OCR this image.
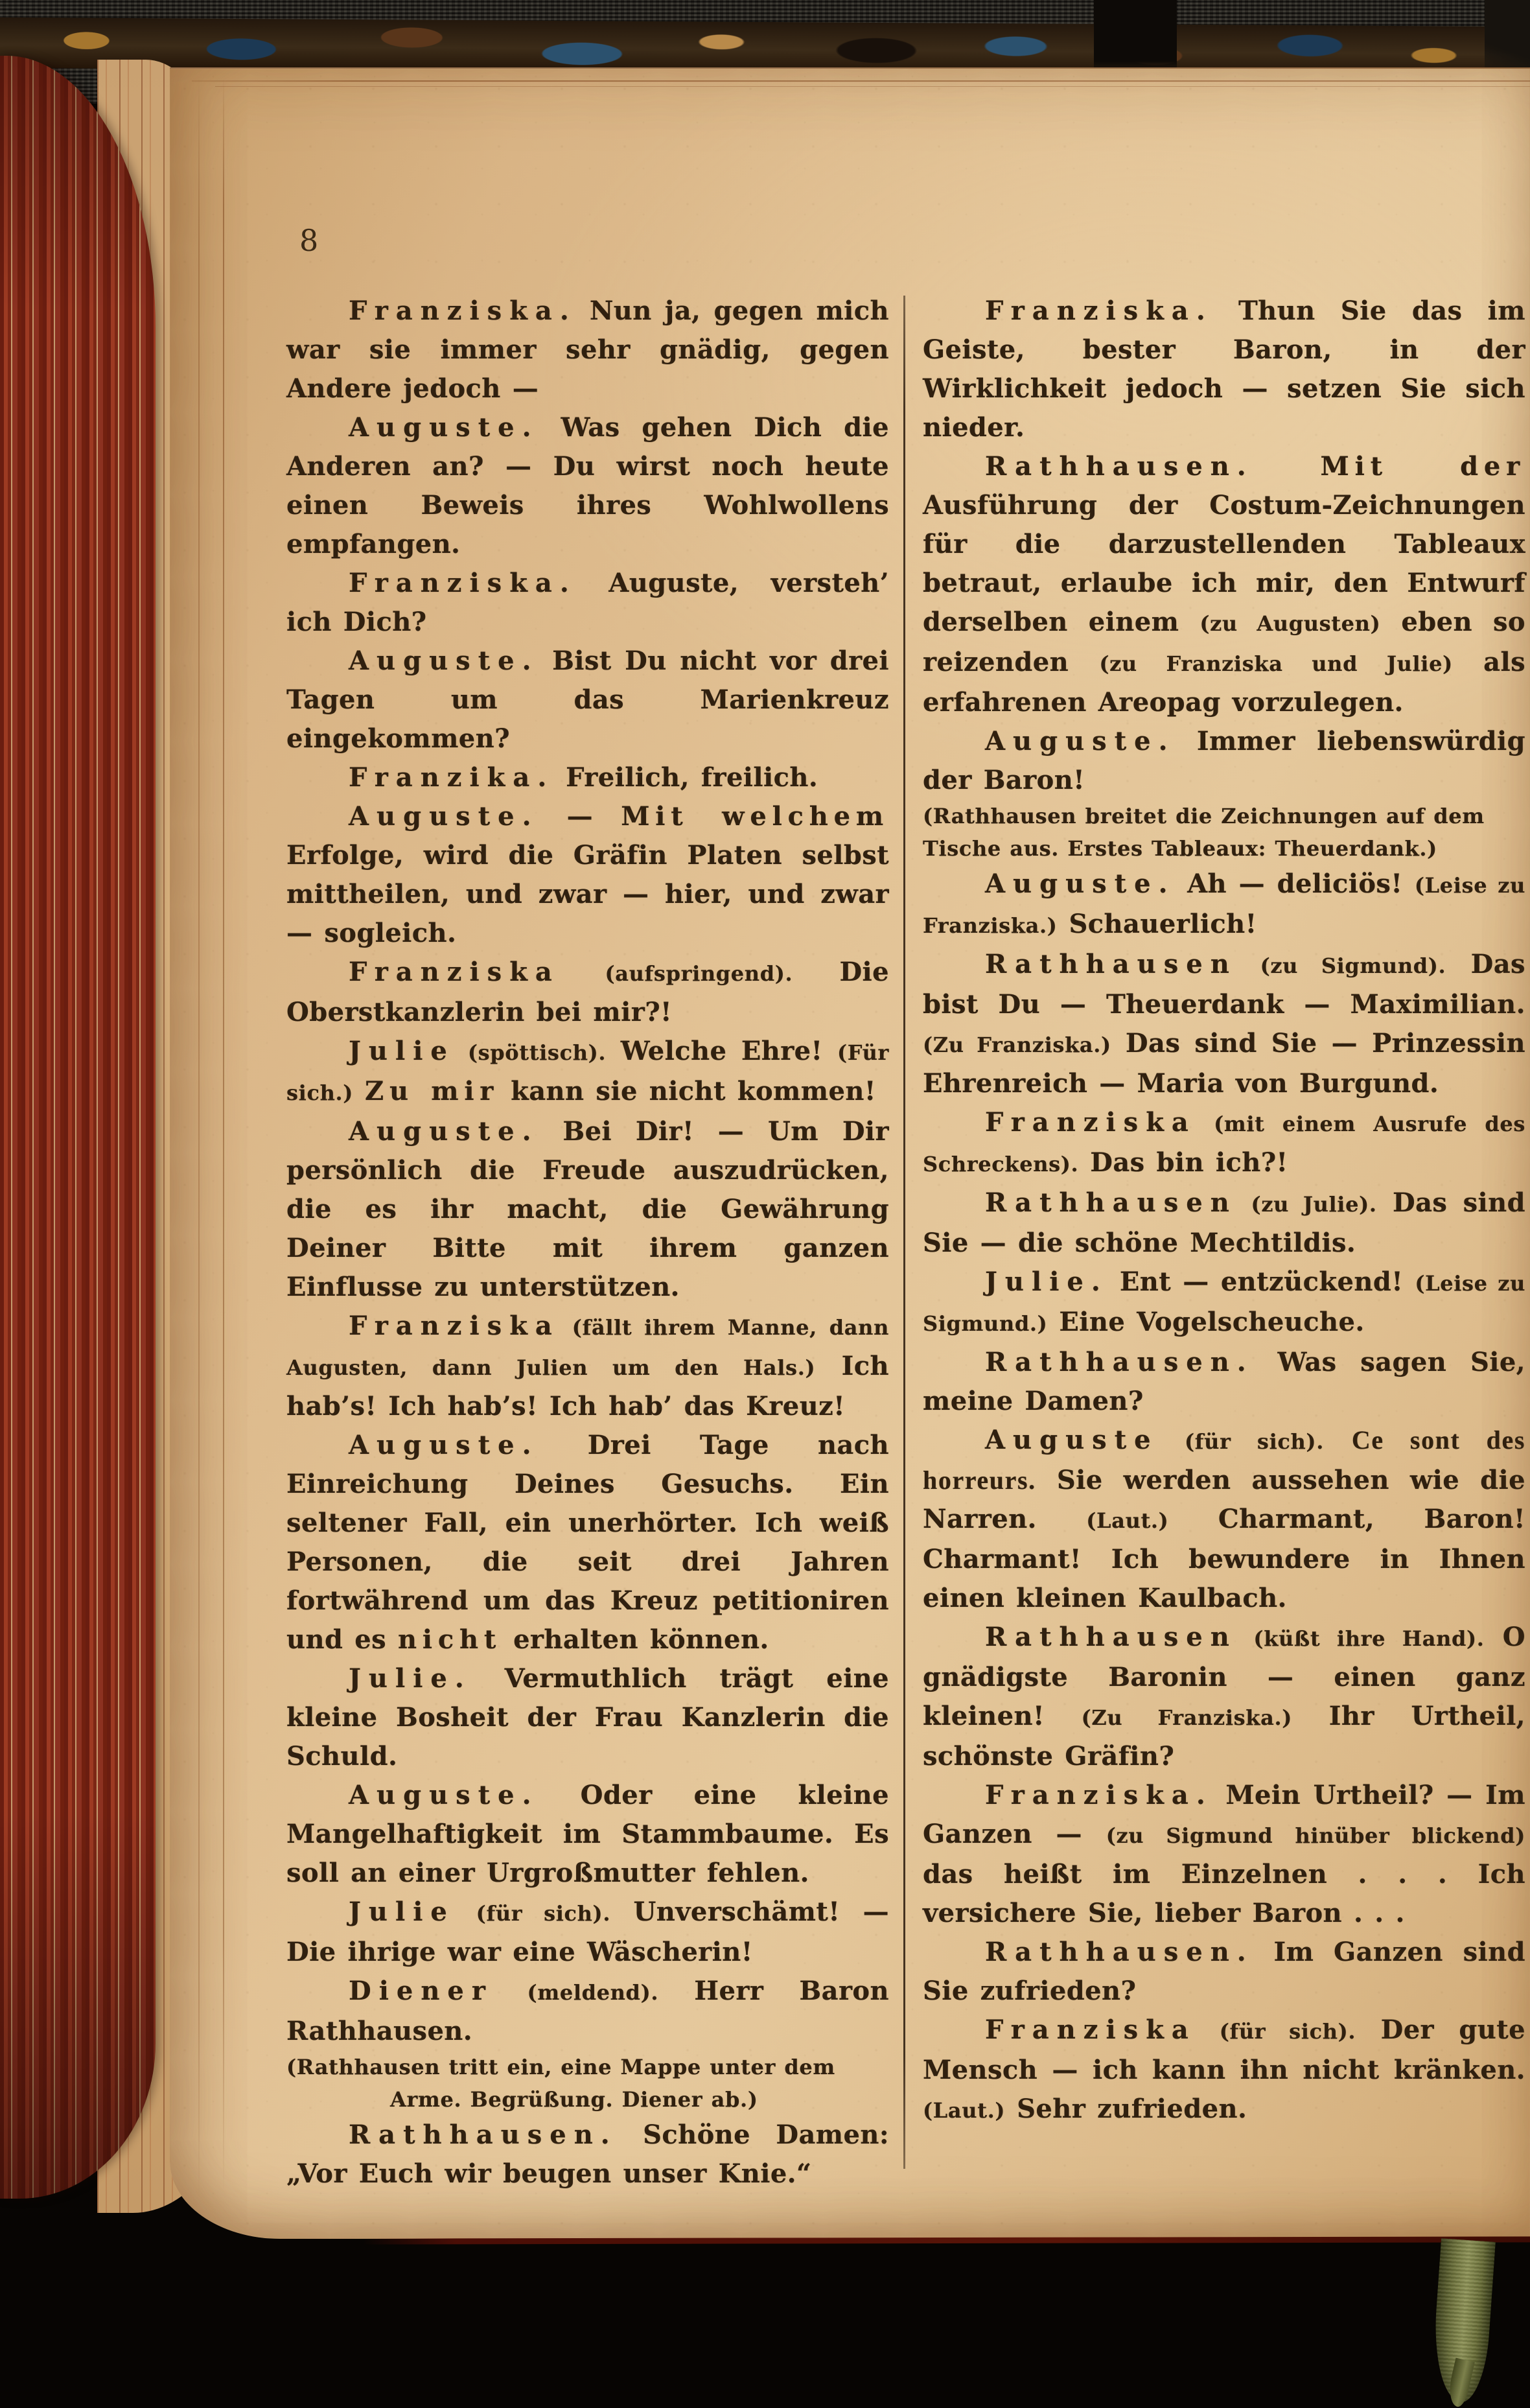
8

Franziska. Nun ja, gegen mich war sie immer sehr gnädig, gegen Andere jedoch —

Auguste. Was gehen Dich die Anderen an? — Du wirst noch heute einen Beweis ihres Wohlwollens empfangen.

Franziska. Auguste, versteh’ ich Dich?

Auguste. Bist Du nicht vor drei Tagen um das Marienkreuz eingekommen?

Franzika. Freilich, freilich.

Auguste. — Mit welchem Erfolge, wird die Gräfin Platen selbst mittheilen, und zwar — hier, und zwar — sogleich.

Franziska (aufspringend). Die Oberstkanzlerin bei mir?!

Julie (spöttisch). Welche Ehre! (Für sich.) Zu mir kann sie nicht kommen!

Auguste. Bei Dir! — Um Dir persönlich die Freude auszudrücken, die es ihr macht, die Gewährung Deiner Bitte mit ihrem ganzen Einflusse zu unterstützen.

Franziska (fällt ihrem Manne, dann Augusten, dann Julien um den Hals.) Ich hab’s! Ich hab’s! Ich hab’ das Kreuz!

Auguste. Drei Tage nach Einreichung Deines Gesuchs. Ein seltener Fall, ein unerhörter. Ich weiß Personen, die seit drei Jahren fortwährend um das Kreuz petitioniren und es nicht erhalten können.

Julie. Vermuthlich trägt eine kleine Bosheit der Frau Kanzlerin die Schuld.

Auguste. Oder eine kleine Mangelhaftigkeit im Stammbaume. Es soll an einer Urgroßmutter fehlen.

Julie (für sich). Unverschämt! — Die ihrige war eine Wäscherin!

Diener (meldend). Herr Baron Rathhausen.

(Rathhausen tritt ein, eine Mappe unter dem Arme. Begrüßung. Diener ab.)

Rathhausen. Schöne Damen: „Vor Euch wir beugen unser Knie.“

Franziska. Thun Sie das im Geiste, bester Baron, in der Wirklichkeit jedoch — setzen Sie sich nieder.

Rathhausen.	Mit der Ausführung der Costum-Zeichnungen für die darzustellenden Tableaux betraut, erlaube ich mir, den Entwurf derselben einem (zu Augusten) eben so reizenden (zu Franziska und Julie) als erfahrenen Areopag vorzulegen.

Auguste. Immer liebenswürdig der Baron!

(Rathhausen breitet die Zeichnungen auf dem Tische aus. Erstes Tableaux: Theuerdank.)

Auguste. Ah — deliciös! (Leise zu Franziska.) Schauerlich!

Rathhausen (zu Sigmund). Das bist Du — Theuerdank — Maximilian. (Zu Franziska.) Das sind Sie — Prinzessin Ehrenreich — Maria von Burgund.

Franziska (mit einem Ausrufe des Schreckens). Das bin ich?!

Rathhausen (zu Julie). Das sind Sie — die schöne Mechtildis.

Julie. Ent — entzückend! (Leise zu Sigmund.) Eine Vogelscheuche.

Rathhausen. Was sagen Sie, meine Damen?

Auguste (für sich). Ce sont des horreurs. Sie werden aussehen wie die Narren. (Laut.) Charmant, Baron! Charmant! Ich bewundere in Ihnen einen kleinen Kaulbach.

Rathhausen (küßt ihre Hand). O gnädigste Baronin — einen ganz kleinen! (Zu Franziska.) Ihr Urtheil, schönste Gräfin?

Franziska. Mein Urtheil? — Im Ganzen — (zu Sigmund hinüber blickend) das heißt im Einzelnen . . . Ich versichere Sie, lieber Baron . . .

Rathhausen. Im Ganzen sind Sie zufrieden?

Franziska (für sich). Der gute Mensch — ich kann ihn nicht kränken. (Laut.) Sehr zufrieden.
